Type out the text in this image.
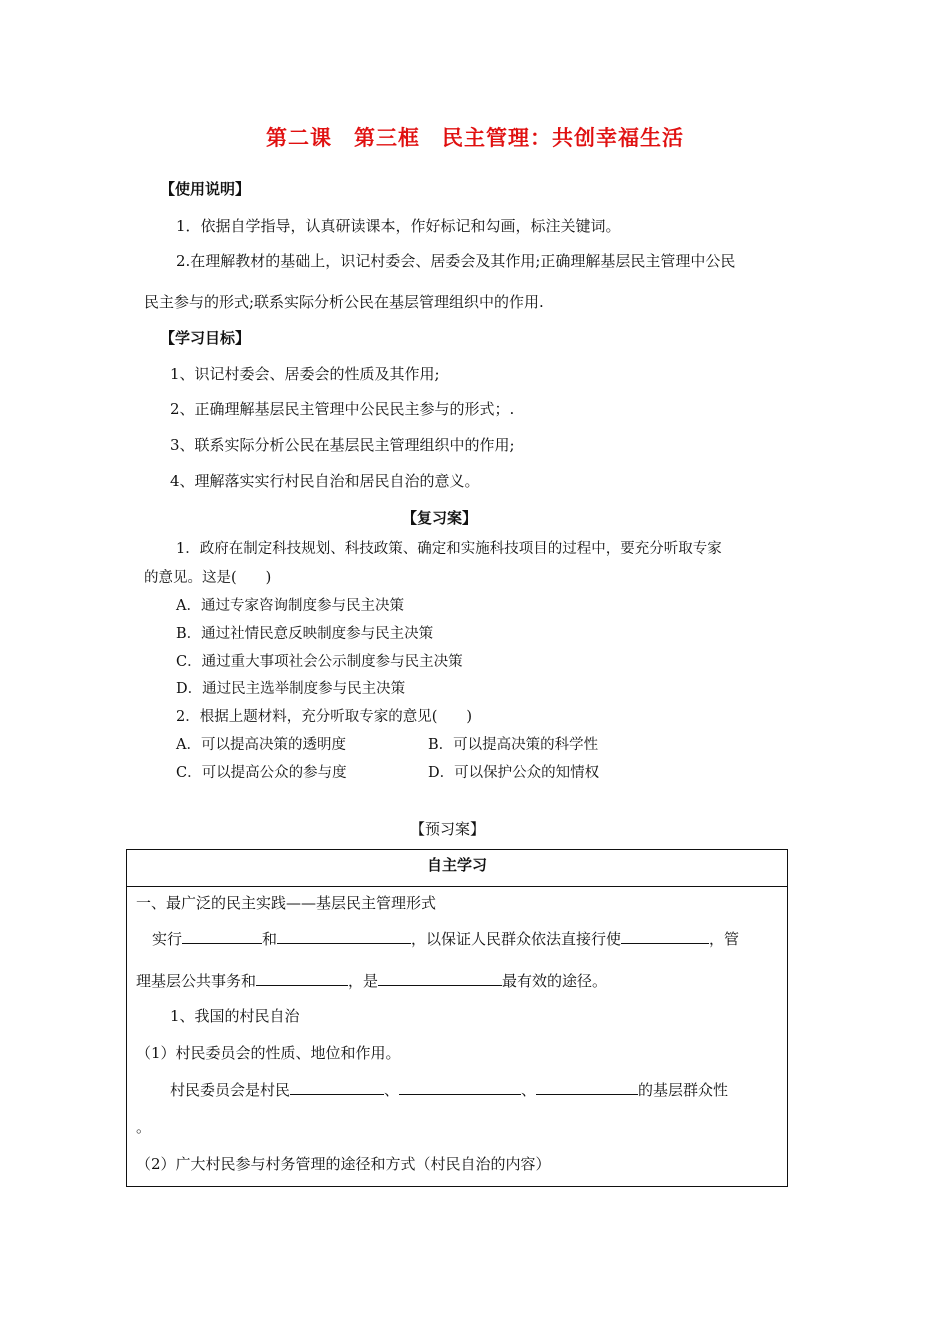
第二课　第三框　民主管理：共创幸福生活
【使用说明】
1．依据自学指导，认真研读课本，作好标记和勾画，标注关键词。
2.在理解教材的基础上，识记村委会、居委会及其作用;正确理解基层民主管理中公民
民主参与的形式;联系实际分析公民在基层管理组织中的作用.
【学习目标】
1、识记村委会、居委会的性质及其作用;
2、正确理解基层民主管理中公民民主参与的形式；.
3、联系实际分析公民在基层民主管理组织中的作用;
4、理解落实实行村民自治和居民自治的意义。
【复习案】
1．政府在制定科技规划、科技政策、确定和实施科技项目的过程中，要充分听取专家
的意见。这是(　　)
A．通过专家咨询制度参与民主决策
B．通过社情民意反映制度参与民主决策
C．通过重大事项社会公示制度参与民主决策
D．通过民主选举制度参与民主决策
2．根据上题材料，充分听取专家的意见(　　)
A．可以提高决策的透明度	B．可以提高决策的科学性
C．可以提高公众的参与度	D．可以保护公众的知情权
【预习案】
自主学习
一、最广泛的民主实践——基层民主管理形式
实行	和	，以保证人民群众依法直接行使	，管
理基层公共事务和	，是	最有效的途径。
1、我国的村民自治
（1）村民委员会的性质、地位和作用。
村民委员会是村民	、	、	的基层群众性
。
（2）广大村民参与村务管理的途径和方式（村民自治的内容）
